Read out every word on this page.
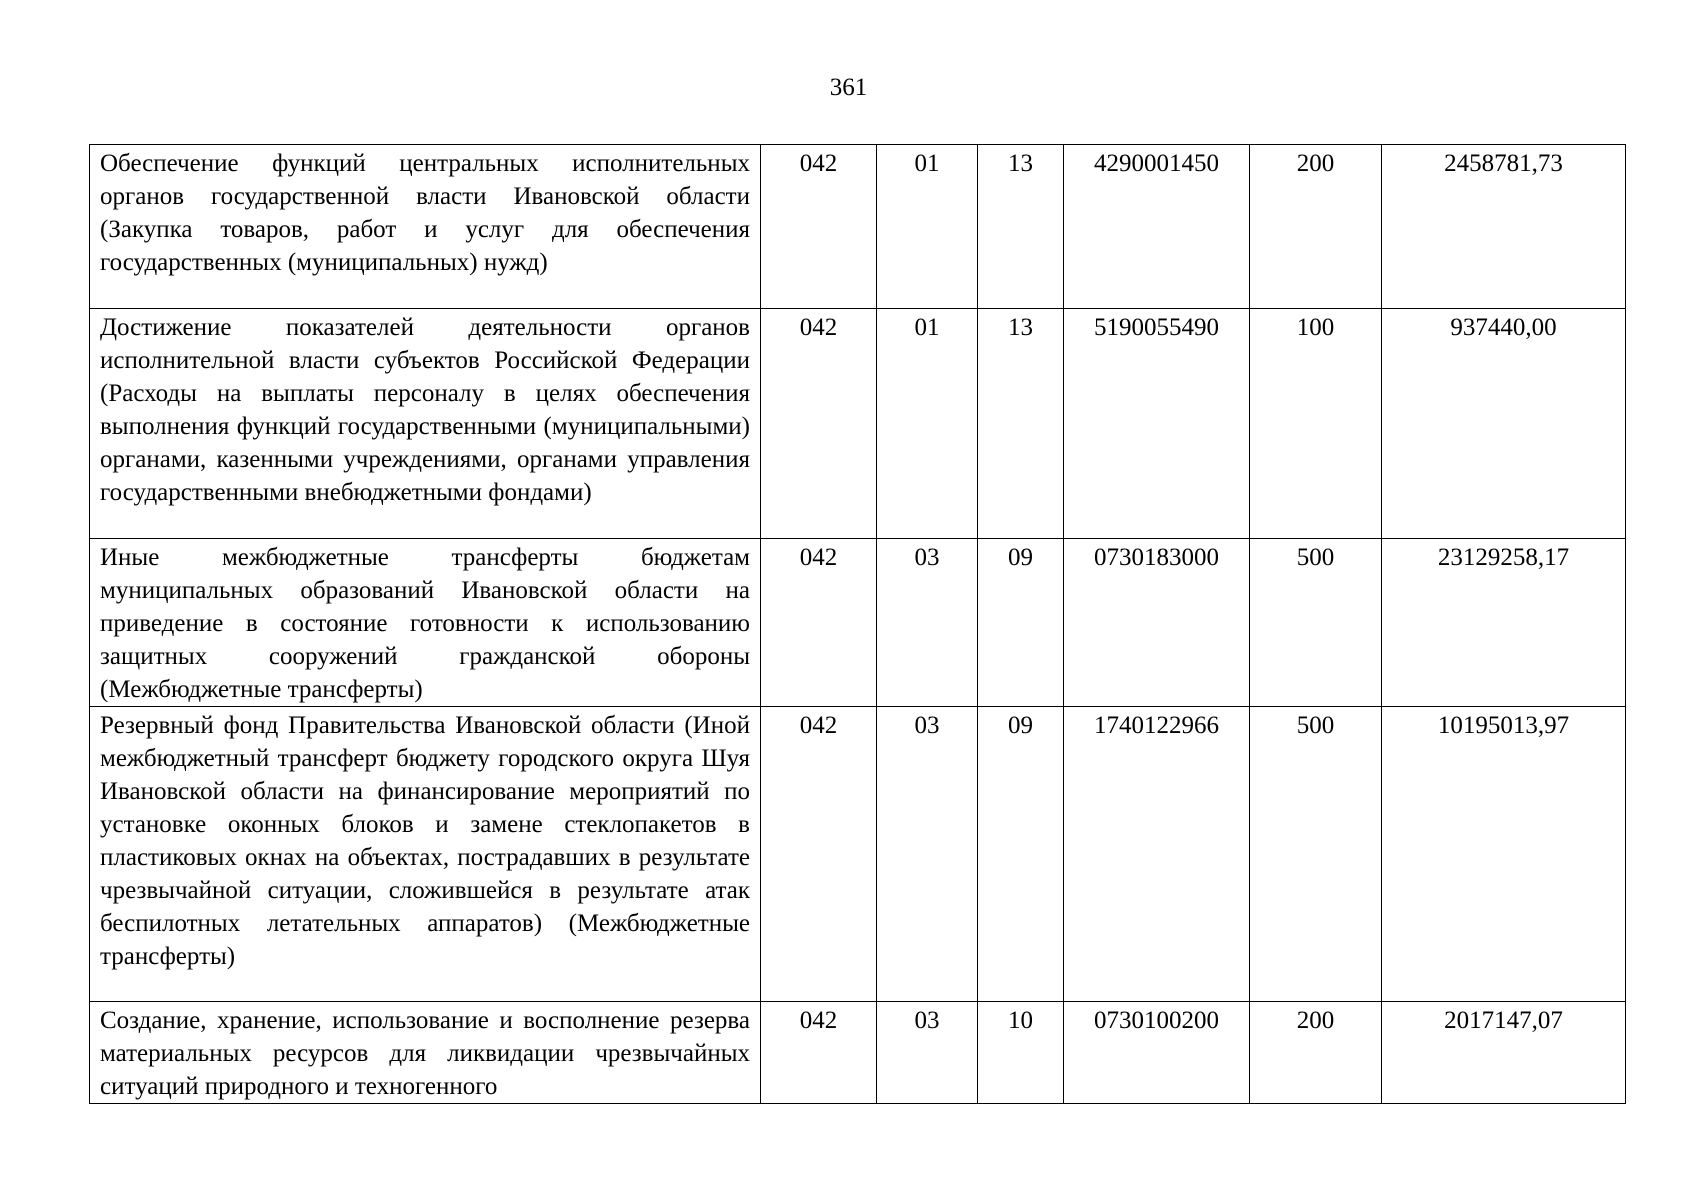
361
Обеспечение функций центральных исполнительных органов государственной власти Ивановской области (Закупка товаров, работ и услуг для обеспечения государственных (муниципальных) нужд)	042	01	13	4290001450	200	2458781,73
Достижение показателей деятельности органов исполнительной власти субъектов Российской Федерации (Расходы на выплаты персоналу в целях обеспечения выполнения функций государственными (муниципальными) органами, казенными учреждениями, органами управления государственными внебюджетными фондами)	042	01	13	5190055490	100	937440,00
Иные межбюджетные трансферты бюджетам муниципальных образований Ивановской области на приведение в состояние готовности к использованию защитных сооружений гражданской обороны (Межбюджетные трансферты)	042	03	09	0730183000	500	23129258,17
Резервный фонд Правительства Ивановской области (Иной межбюджетный трансферт бюджету городского округа Шуя Ивановской области на финансирование мероприятий по установке оконных блоков и замене стеклопакетов в пластиковых окнах на объектах, пострадавших в результате чрезвычайной ситуации, сложившейся в результате атак беспилотных летательных аппаратов) (Межбюджетные трансферты)	042	03	09	1740122966	500	10195013,97
Создание, хранение, использование и восполнение резерва материальных ресурсов для ликвидации чрезвычайных ситуаций природного и техногенного	042	03	10	0730100200	200	2017147,07
